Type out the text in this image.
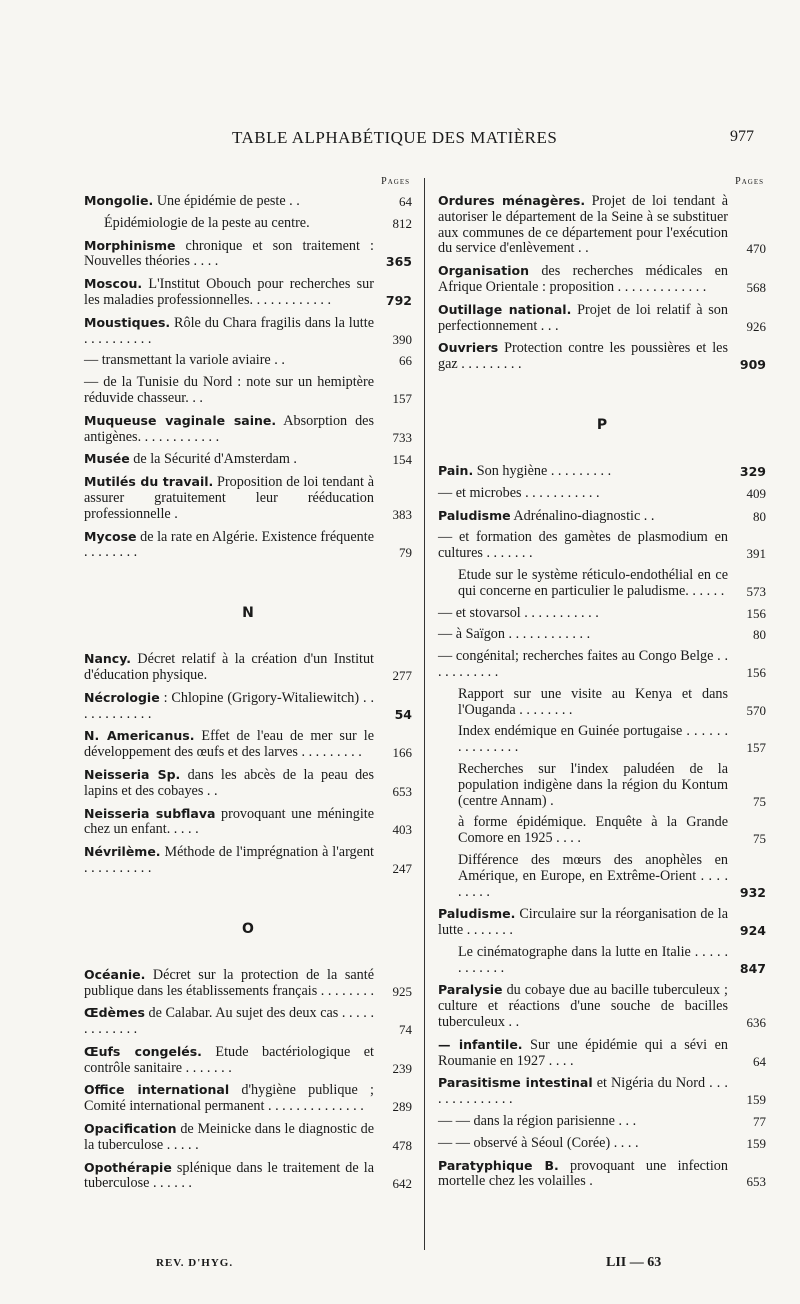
TABLE ALPHABÉTIQUE DES MATIÈRES	977
Pages
Mongolie. Une épidémie de peste . .	64
Épidémiologie de la peste au centre.	812
Morphinisme chronique et son traitement : Nouvelles théories . . . .	365
Moscou. L'Institut Obouch pour recherches sur les maladies professionnelles. . . . . . . . . . . .	792
Moustiques. Rôle du Chara fragilis dans la lutte . . . . . . . . . .	390
— transmettant la variole aviaire . .	66
— de la Tunisie du Nord : note sur un hemiptère réduvide chasseur. . .	157
Muqueuse vaginale saine. Absorption des antigènes. . . . . . . . . . . .	733
Musée de la Sécurité d'Amsterdam .	154
Mutilés du travail. Proposition de loi tendant à assurer gratuitement leur rééducation professionnelle .	383
Mycose de la rate en Algérie. Existence fréquente . . . . . . . .	79
N
Nancy. Décret relatif à la création d'un Institut d'éducation physique.	277
Nécrologie : Chlopine (Grigory-Witaliewitch) . . . . . . . . . . . .	54
N. Americanus. Effet de l'eau de mer sur le développement des œufs et des larves . . . . . . . . .	166
Neisseria Sp. dans les abcès de la peau des lapins et des cobayes . .	653
Neisseria subflava provoquant une méningite chez un enfant. . . . .	403
Névrilème. Méthode de l'imprégnation à l'argent . . . . . . . . . .	247
O
Océanie. Décret sur la protection de la santé publique dans les établissements français . . . . . . . .	925
Œdèmes de Calabar. Au sujet des deux cas . . . . . . . . . . . . .	74
Œufs congelés. Etude bactériologique et contrôle sanitaire . . . . . . .	239
Office international d'hygiène publique ; Comité international permanent . . . . . . . . . . . . . .	289
Opacification de Meinicke dans le diagnostic de la tuberculose . . . . .	478
Opothérapie splénique dans le traitement de la tuberculose . . . . . .	642
Pages
Ordures ménagères. Projet de loi tendant à autoriser le département de la Seine à se substituer aux communes de ce département pour l'exécution du service d'enlèvement . .	470
Organisation des recherches médicales en Afrique Orientale : proposition . . . . . . . . . . . . .	568
Outillage national. Projet de loi relatif à son perfectionnement . . .	926
Ouvriers Protection contre les poussières et les gaz . . . . . . . . .	909
P
Pain. Son hygiène . . . . . . . . .	329
— et microbes . . . . . . . . . . .	409
Paludisme Adrénalino-diagnostic . .	80
— et formation des gamètes de plasmodium en cultures . . . . . . .	391
Etude sur le système réticulo-endothélial en ce qui concerne en particulier le paludisme. . . . . .	573
— et stovarsol . . . . . . . . . . .	156
— à Saïgon . . . . . . . . . . . .	80
— congénital; recherches faites au Congo Belge . . . . . . . . . . .	156
Rapport sur une visite au Kenya et dans l'Ouganda . . . . . . . .	570
Index endémique en Guinée portugaise . . . . . . . . . . . . . . .	157
Recherches sur l'index paludéen de la population indigène dans la région du Kontum (centre Annam) .	75
à forme épidémique. Enquête à la Grande Comore en 1925 . . . .	75
Différence des mœurs des anophèles en Amérique, en Europe, en Extrême-Orient . . . . . . . . .	932
Paludisme. Circulaire sur la réorganisation de la lutte . . . . . . .	924
Le cinématographe dans la lutte en Italie . . . . . . . . . . . .	847
Paralysie du cobaye due au bacille tuberculeux ; culture et réactions d'une souche de bacilles tuberculeux . .	636
— infantile. Sur une épidémie qui a sévi en Roumanie en 1927 . . . .	64
Parasitisme intestinal et Nigéria du Nord . . . . . . . . . . . . . .	159
— — dans la région parisienne . . .	77
— — observé à Séoul (Corée) . . . .	159
Paratyphique B. provoquant une infection mortelle chez les volailles .	653
REV. D'HYG.	LII — 63
